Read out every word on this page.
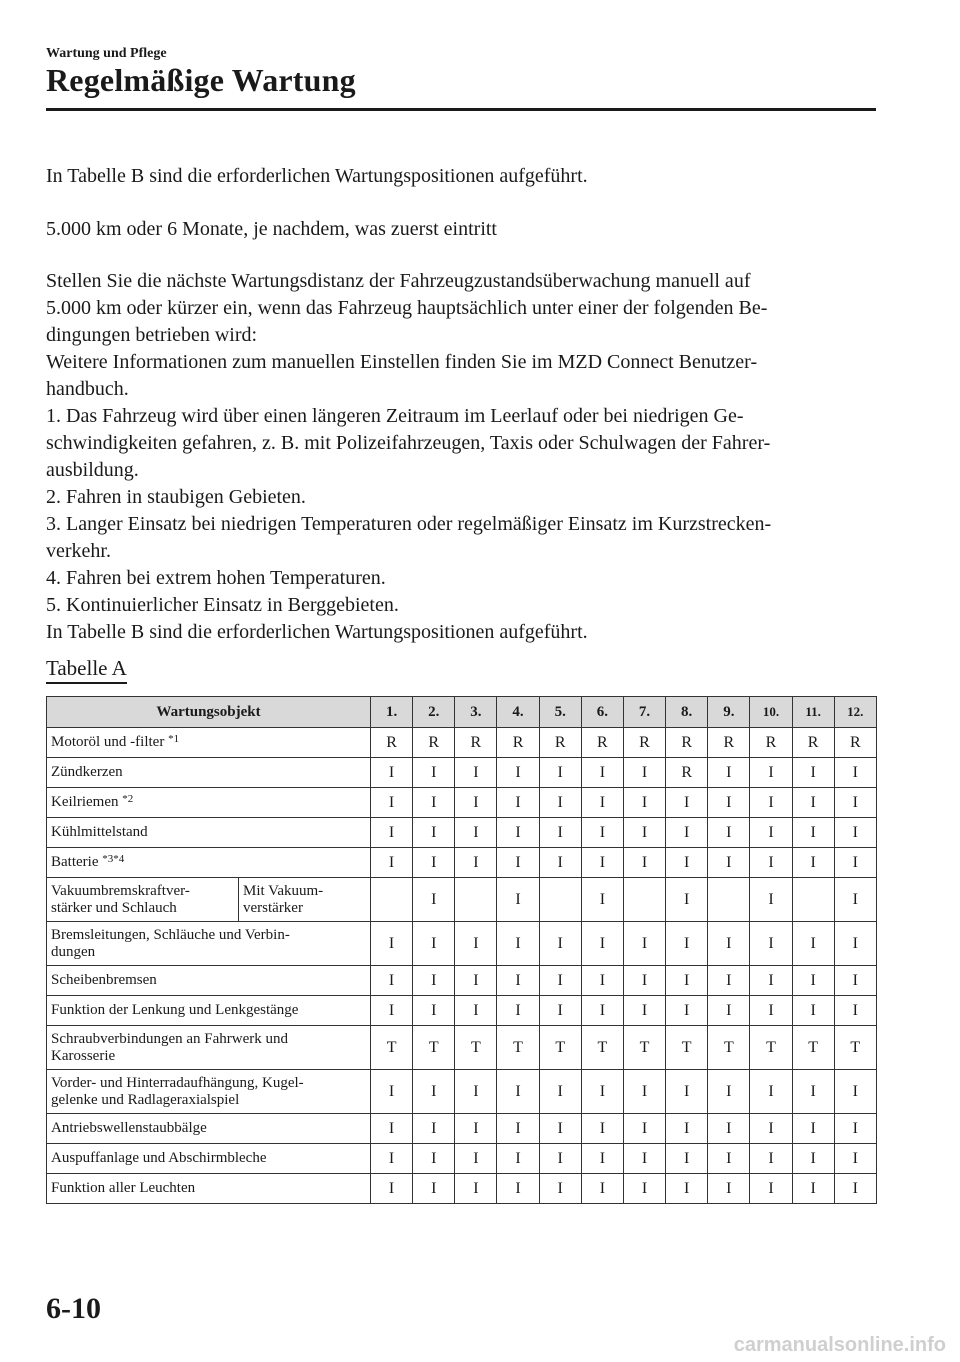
Wartung und Pflege
Regelmäßige Wartung
In Tabelle B sind die erforderlichen Wartungspositionen aufgeführt.
5.000 km oder 6 Monate, je nachdem, was zuerst eintritt
Stellen Sie die nächste Wartungsdistanz der Fahrzeugzustandsüberwachung manuell auf
5.000 km oder kürzer ein, wenn das Fahrzeug hauptsächlich unter einer der folgenden Be-
dingungen betrieben wird:
Weitere Informationen zum manuellen Einstellen finden Sie im MZD Connect Benutzer-
handbuch.
1. Das Fahrzeug wird über einen längeren Zeitraum im Leerlauf oder bei niedrigen Ge-
schwindigkeiten gefahren, z. B. mit Polizeifahrzeugen, Taxis oder Schulwagen der Fahrer-
ausbildung.
2. Fahren in staubigen Gebieten.
3. Langer Einsatz bei niedrigen Temperaturen oder regelmäßiger Einsatz im Kurzstrecken-
verkehr.
4. Fahren bei extrem hohen Temperaturen.
5. Kontinuierlicher Einsatz in Berggebieten.
In Tabelle B sind die erforderlichen Wartungspositionen aufgeführt.
Tabelle A
Wartungsobjekt		1.	2.	3.	4.	5.	6.	7.	8.	9.	10.	11.	12.
Motoröl und -filter $^{*1}$		R	R	R	R	R	R	R	R	R	R	R	R
Zündkerzen		I	I	I	I	I	I	I	R	I	I	I	I
Keilriemen $^{*2}$		I	I	I	I	I	I	I	I	I	I	I	I
Kühlmittelstand		I	I	I	I	I	I	I	I	I	I	I	I
Batterie $^{*3*4}$		I	I	I	I	I	I	I	I	I	I	I	I
Vakuumbremskraftver-
stärker und Schlauch	Mit Vakuum-
verstärker		I		I		I		I		I		I
Bremsleitungen, Schläuche und Verbin-
dungen		I	I	I	I	I	I	I	I	I	I	I	I
Scheibenbremsen		I	I	I	I	I	I	I	I	I	I	I	I
Funktion der Lenkung und Lenkgestänge		I	I	I	I	I	I	I	I	I	I	I	I
Schraubverbindungen an Fahrwerk und
Karosserie		T	T	T	T	T	T	T	T	T	T	T	T
Vorder- und Hinterradaufhängung, Kugel-
gelenke und Radlageraxialspiel		I	I	I	I	I	I	I	I	I	I	I	I
Antriebswellenstaubbälge		I	I	I	I	I	I	I	I	I	I	I	I
Auspuffanlage und Abschirmbleche		I	I	I	I	I	I	I	I	I	I	I	I
Funktion aller Leuchten		I	I	I	I	I	I	I	I	I	I	I	I
6-10
carmanualsonline.info
